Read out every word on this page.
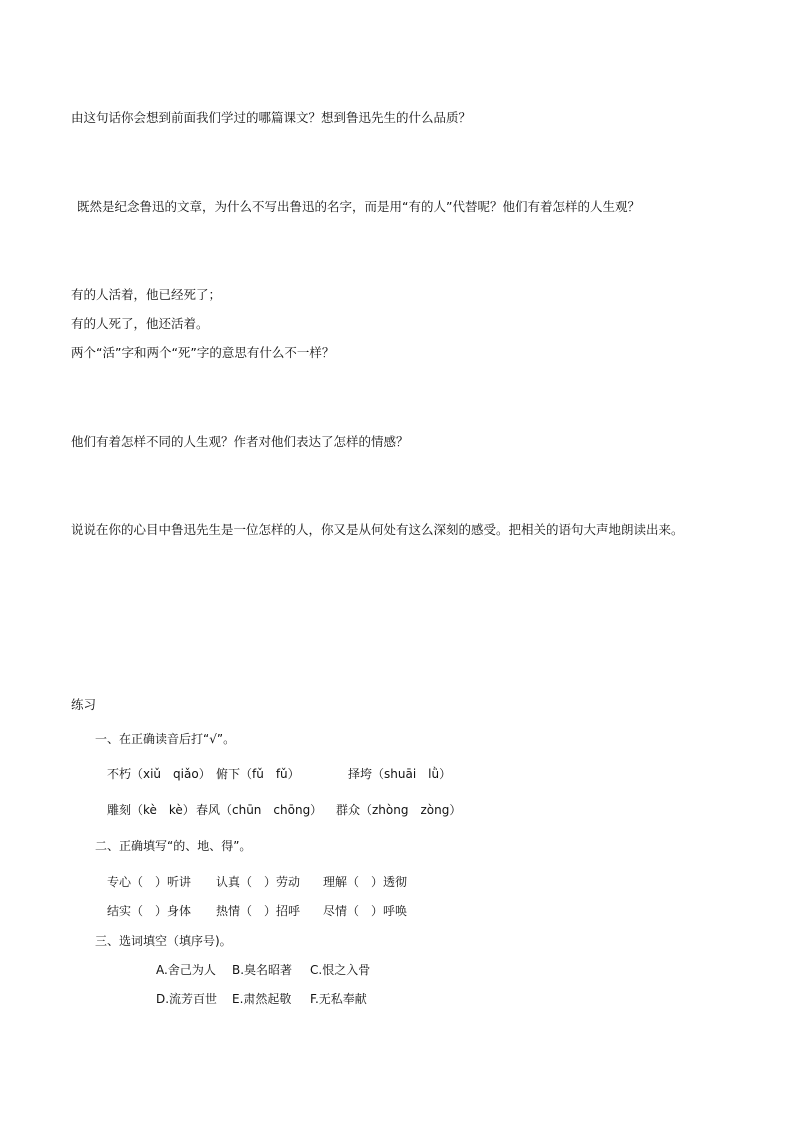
由这句话你会想到前面我们学过的哪篇课文？想到鲁迅先生的什么品质？
既然是纪念鲁迅的文章，为什么不写出鲁迅的名字，而是用“有的人”代替呢？他们有着怎样的人生观？
有的人活着，他已经死了；
有的人死了，他还活着。
两个“活”字和两个“死”字的意思有什么不一样？
他们有着怎样不同的人生观？作者对他们表达了怎样的情感？
说说在你的心目中鲁迅先生是一位怎样的人，你又是从何处有这么深刻的感受。把相关的语句大声地朗读出来。
练习
一、在正确读音后打“√”。
不朽（xiǔ　qiǎo） 俯下（fǔ　fǔ）	择垮（shuāi　lǜ）
雕刻（kè　kè） 春风（chūn　chōng） 群众（zhòng　zòng）
二、正确填写“的、地、得”。
专心（　）听讲 认真（　）劳动 理解（　）透彻
结实（　）身体 热情（　）招呼 尽情（　）呼唤
三、选词填空（填序号)。
A.舍己为人 B.臭名昭著 C.恨之入骨
D.流芳百世 E.肃然起敬 F.无私奉献
